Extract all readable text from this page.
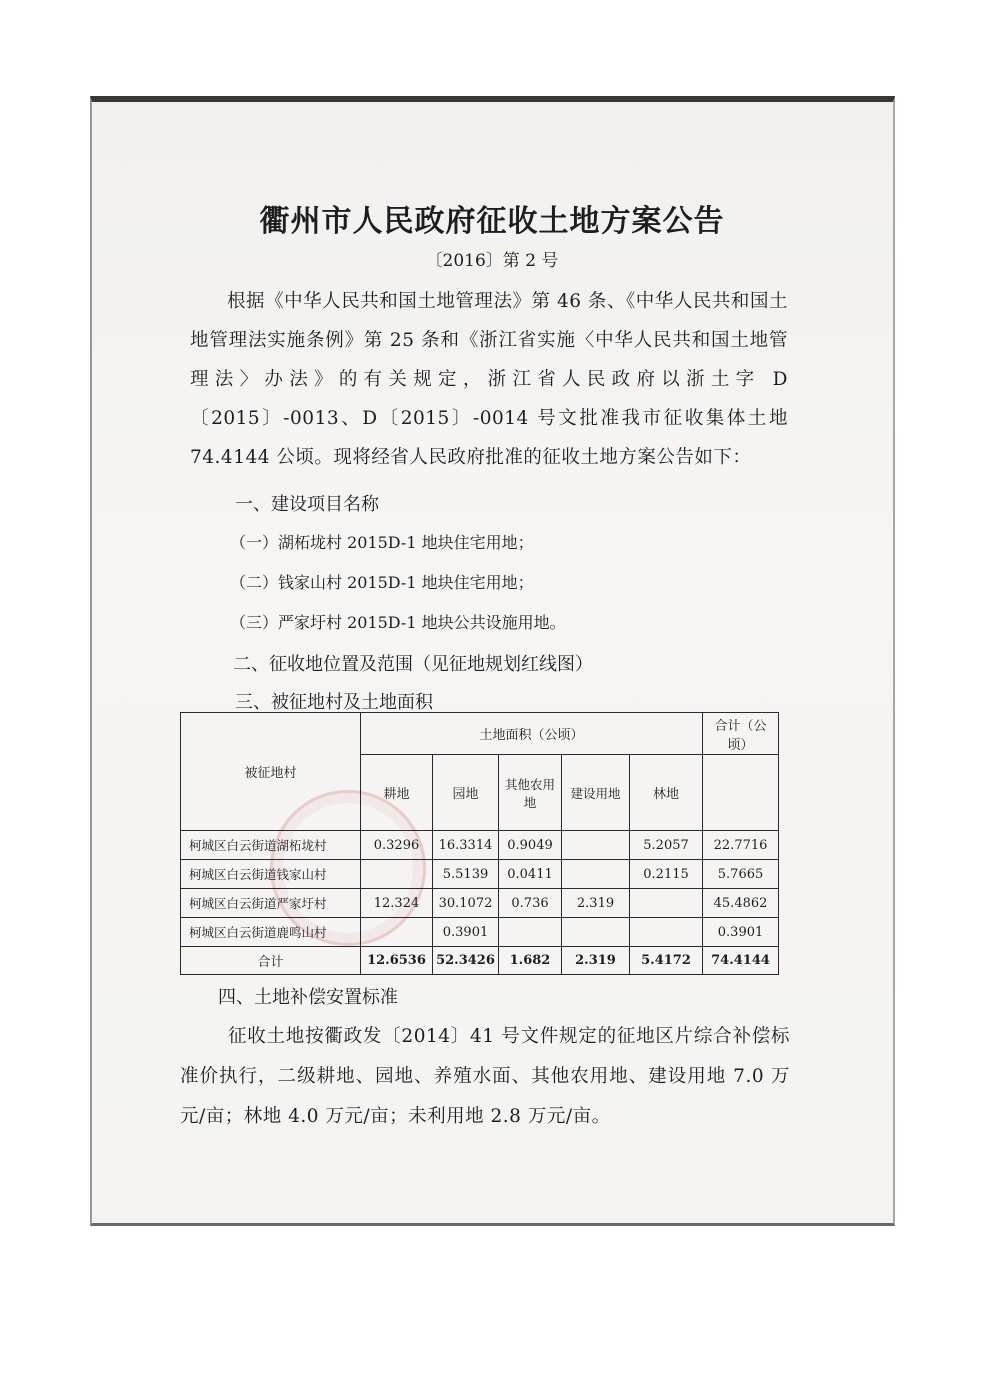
衢州市人民政府征收土地方案公告
〔2016〕第 2 号
根据《中华人民共和国土地管理法》第 46 条、《中华人民共和国土地管理法实施条例》第 25 条和《浙江省实施〈中华人民共和国土地管理法〉办法》的有关规定，浙江省人民政府以浙土字 D〔2015〕-0013、D〔2015〕-0014 号文批准我市征收集体土地 74.4144 公顷。现将经省人民政府批准的征收土地方案公告如下：
一、建设项目名称
（一）湖柘垅村 2015D-1 地块住宅用地；
（二）钱家山村 2015D-1 地块住宅用地；
（三）严家圩村 2015D-1 地块公共设施用地。
二、征收地位置及范围（见征地规划红线图）
三、被征地村及土地面积
被征地村	土地面积（公顷）					合计（公顷）
	耕地	园地	其他农用地	建设用地	林地	
柯城区白云街道湖柘垅村	0.3296	16.3314	0.9049		5.2057	22.7716
柯城区白云街道钱家山村		5.5139	0.0411		0.2115	5.7665
柯城区白云街道严家圩村	12.324	30.1072	0.736	2.319		45.4862
柯城区白云街道鹿鸣山村		0.3901				0.3901
合计	12.6536	52.3426	1.682	2.319	5.4172	74.4144
四、土地补偿安置标准
征收土地按衢政发〔2014〕41 号文件规定的征地区片综合补偿标准价执行，二级耕地、园地、养殖水面、其他农用地、建设用地 7.0 万元/亩；林地 4.0 万元/亩；未利用地 2.8 万元/亩。
